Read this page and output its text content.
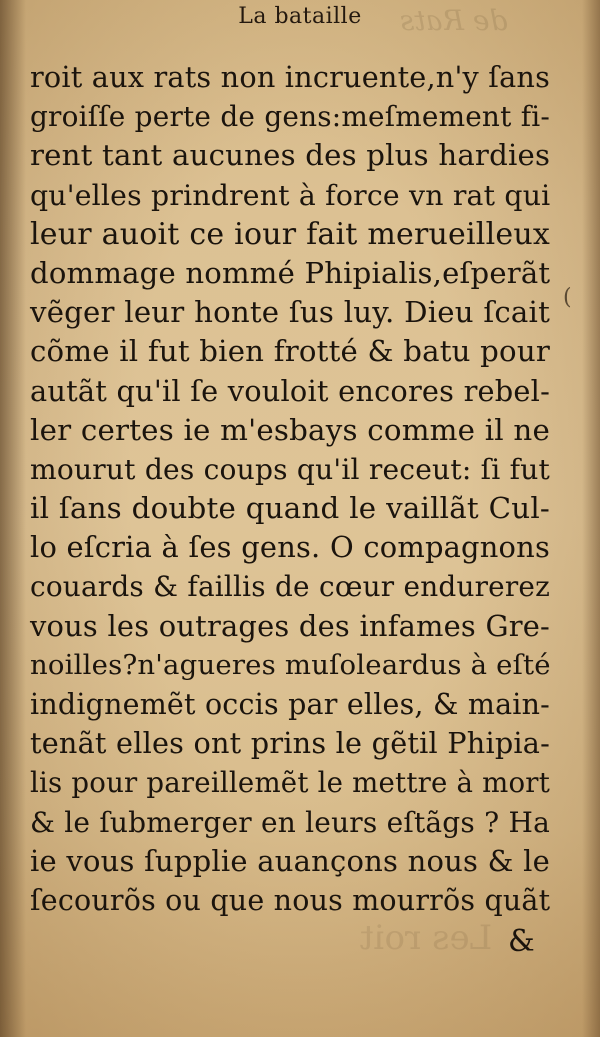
de Rats
Les roit
La bataille
(
roit aux rats non incruente,n'y ſans
groiſſe perte de gens:meſmement fi-
rent tant aucunes des plus hardies
qu'elles prindrent à force vn rat qui
leur auoit ce iour fait merueilleux
dommage nommé Phipialis,eſperãt
vẽger leur honte ſus luy. Dieu ſcait
cõme il fut bien frotté & batu pour
autãt qu'il ſe vouloit encores rebel-
ler certes ie m'esbays comme il ne
mourut des coups qu'il receut: ſi fut
il ſans doubte quand le vaillãt Cul-
lo eſcria à ſes gens. O compagnons
couards & faillis de cœur endurerez
vous les outrages des infames Gre-
noilles?n'agueres muſoleardus à eſté
indignemẽt occis par elles, & main-
tenãt elles ont prins le gẽtil Phipia-
lis pour pareillemẽt le mettre à mort
& le ſubmerger en leurs eſtãgs ? Ha
ie vous ſupplie auançons nous & le
ſecourõs ou que nous mourrõs quãt
&
